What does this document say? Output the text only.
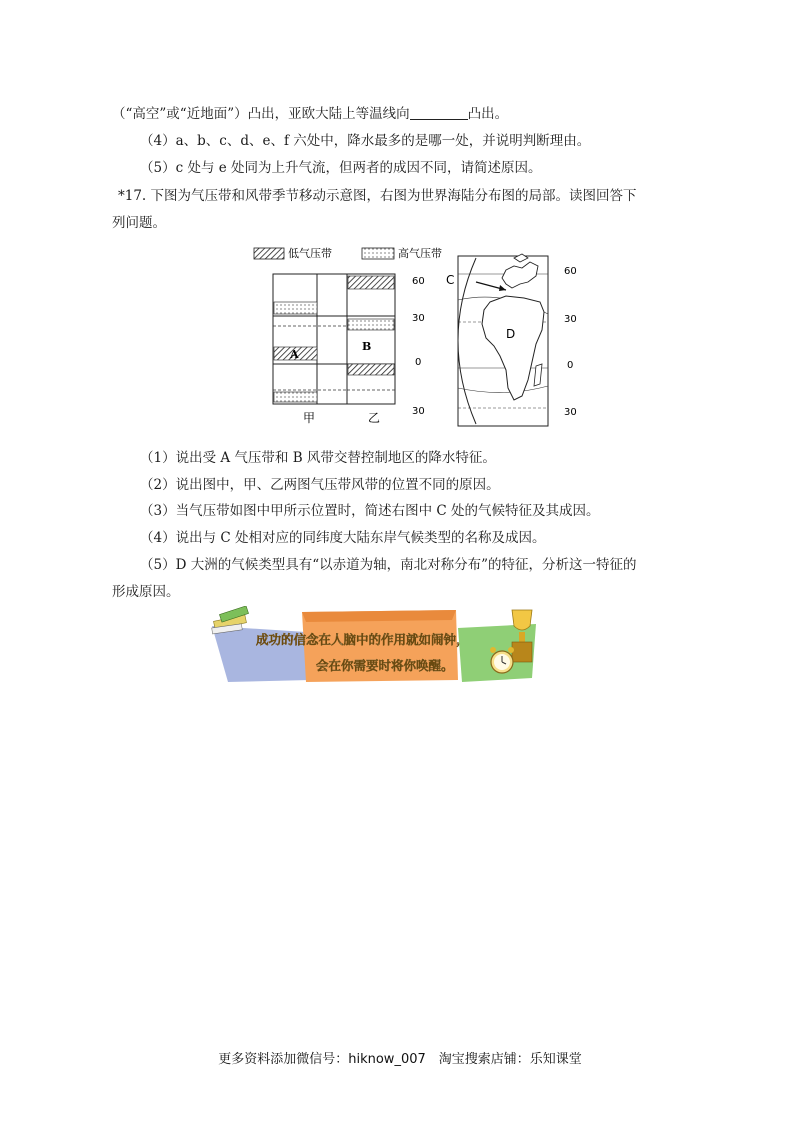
（“高空”或“近地面”）凸出，亚欧大陆上等温线向	凸出。
（4）a、b、c、d、e、f 六处中，降水最多的是哪一处，并说明判断理由。
（5）c 处与 e 处同为上升气流，但两者的成因不同，请简述原因。
*17. 下图为气压带和风带季节移动示意图，右图为世界海陆分布图的局部。读图回答下
列问题。
低气压带	高气压带
A
B
甲	乙
60
30
0
30
C
D
60
30
0
30
（1）说出受 A 气压带和 B 风带交替控制地区的降水特征。
（2）说出图中，甲、乙两图气压带风带的位置不同的原因。
（3）当气压带如图中甲所示位置时，简述右图中 C 处的气候特征及其成因。
（4）说出与 C 处相对应的同纬度大陆东岸气候类型的名称及成因。
（5）D 大洲的气候类型具有“以赤道为轴，南北对称分布”的特征，分析这一特征的
形成原因。
成功的信念在人脑中的作用就如闹钟，
会在你需要时将你唤醒。
更多资料添加微信号：hiknow_007　淘宝搜索店铺：乐知课堂
